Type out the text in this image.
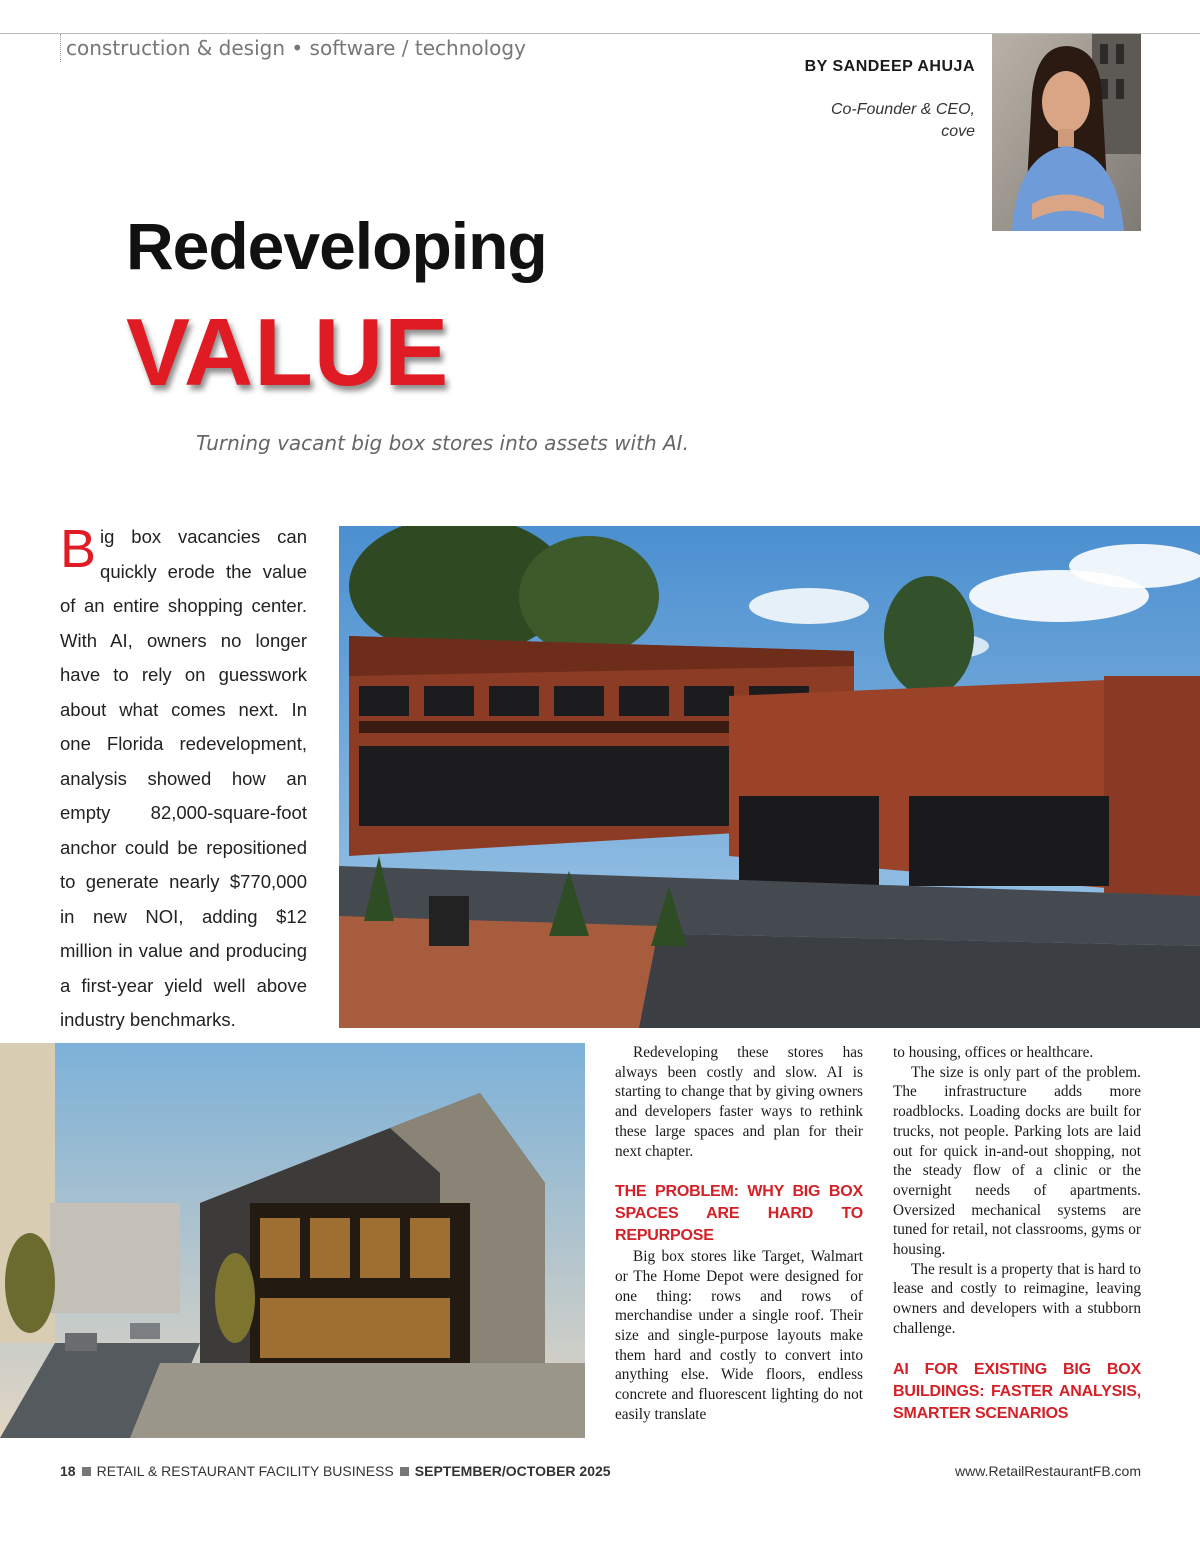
construction & design • software / technology
BY SANDEEP AHUJA
Co-Founder & CEO,
cove
Redeveloping
VALUE
Turning vacant big box stores into assets with AI.
Big box vacancies can quickly erode the value of an entire shopping center. With AI, owners no longer have to rely on guesswork about what comes next. In one Florida redevelopment, analysis showed how an empty 82,000-square-foot anchor could be repositioned to generate nearly $770,000 in new NOI, adding $12 million in value and producing a first-year yield well above industry benchmarks.

Redeveloping these stores has always been costly and slow. AI is starting to change that by giving owners and developers faster ways to rethink these large spaces and plan for their next chapter.

THE PROBLEM: WHY BIG BOX SPACES ARE HARD TO REPURPOSE

Big box stores like Target, Walmart or The Home Depot were designed for one thing: rows and rows of merchandise under a single roof. Their size and single-purpose layouts make them hard and costly to convert into anything else. Wide floors, endless concrete and fluorescent lighting do not easily translate

to housing, offices or healthcare.

The size is only part of the problem. The infrastructure adds more roadblocks. Loading docks are built for trucks, not people. Parking lots are laid out for quick in-and-out shopping, not the steady flow of a clinic or the overnight needs of apartments. Oversized mechanical systems are tuned for retail, not classrooms, gyms or housing.

The result is a property that is hard to lease and costly to reimagine, leaving owners and developers with a stubborn challenge.

AI FOR EXISTING BIG BOX BUILDINGS: FASTER ANALYSIS, SMARTER SCENARIOS
18 RETAIL & RESTAURANT FACILITY BUSINESS SEPTEMBER/OCTOBER 2025	www.RetailRestaurantFB.com
